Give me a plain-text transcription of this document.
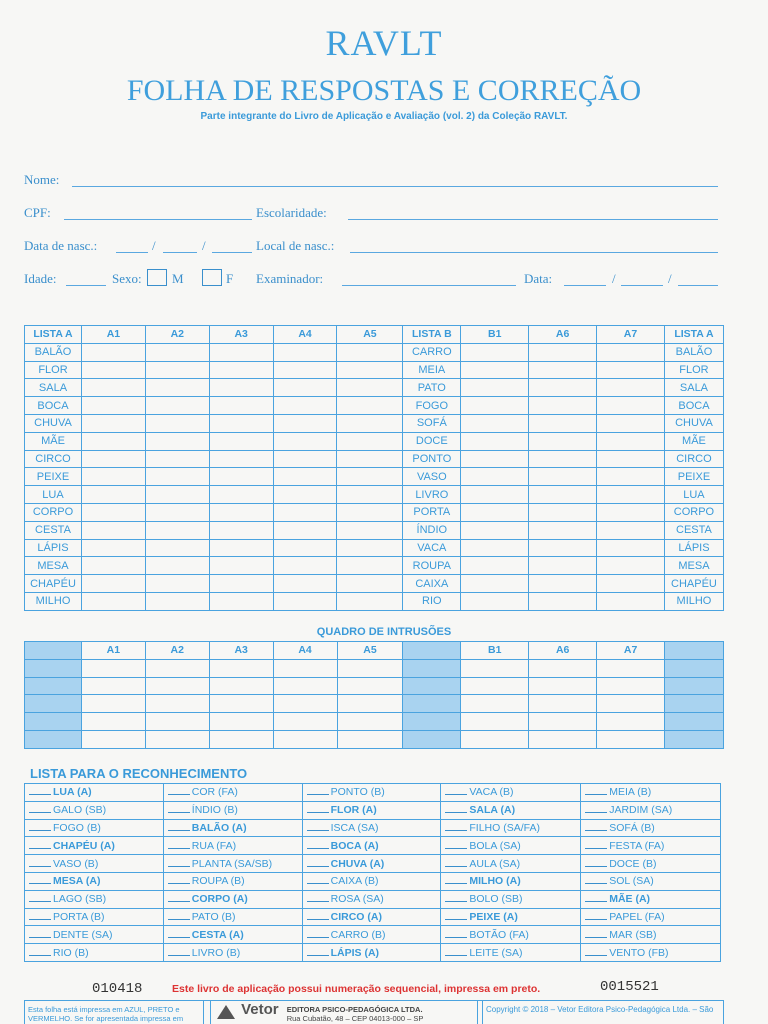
RAVLT
FOLHA DE RESPOSTAS E CORREÇÃO
Parte integrante do Livro de Aplicação e Avaliação (vol. 2) da Coleção RAVLT.
Nome:
CPF:	Escolaridade:
Data de nasc.:	/	/	Local de nasc.:
Idade:	Sexo: M	F Examinador:	Data:	/	/
LISTA A	A1	A2	A3	A4	A5	LISTA B	B1	A6	A7	LISTA A
BALÃO						CARRO				BALÃO
FLOR						MEIA				FLOR
SALA						PATO				SALA
BOCA						FOGO				BOCA
CHUVA						SOFÁ				CHUVA
MÃE						DOCE				MÃE
CIRCO						PONTO				CIRCO
PEIXE						VASO				PEIXE
LUA						LIVRO				LUA
CORPO						PORTA				CORPO
CESTA						ÍNDIO				CESTA
LÁPIS						VACA				LÁPIS
MESA						ROUPA				MESA
CHAPÉU						CAIXA				CHAPÉU
MILHO						RIO				MILHO
QUADRO DE INTRUSÕES
	A1	A2	A3	A4	A5		B1	A6	A7	

LISTA PARA O RECONHECIMENTO
LUA (A)	COR (FA)	PONTO (B)	VACA (B)	MEIA (B)
GALO (SB)	ÍNDIO (B)	FLOR (A)	SALA (A)	JARDIM (SA)
FOGO (B)	BALÃO (A)	ISCA (SA)	FILHO (SA/FA)	SOFÁ (B)
CHAPÉU (A)	RUA (FA)	BOCA (A)	BOLA (SA)	FESTA (FA)
VASO (B)	PLANTA (SA/SB)	CHUVA (A)	AULA (SA)	DOCE (B)
MESA (A)	ROUPA (B)	CAIXA (B)	MILHO (A)	SOL (SA)
LAGO (SB)	CORPO (A)	ROSA (SA)	BOLO (SB)	MÃE (A)
PORTA (B)	PATO (B)	CIRCO (A)	PEIXE (A)	PAPEL (FA)
DENTE (SA)	CESTA (A)	CARRO (B)	BOTÃO (FA)	MAR (SB)
RIO (B)	LIVRO (B)	LÁPIS (A)	LEITE (SA)	VENTO (FB)
010418	Este livro de aplicação possui numeração sequencial, impressa em preto.	0015521
Esta folha está impressa em AZUL, PRETO e VERMELHO. Se for apresentada impressa em
Vetor EDITORA PSICO-PEDAGÓGICA LTDA.
Rua Cubatão, 48 – CEP 04013-000 – SP
Copyright © 2018 – Vetor Editora Psico-Pedagógica Ltda. – São
